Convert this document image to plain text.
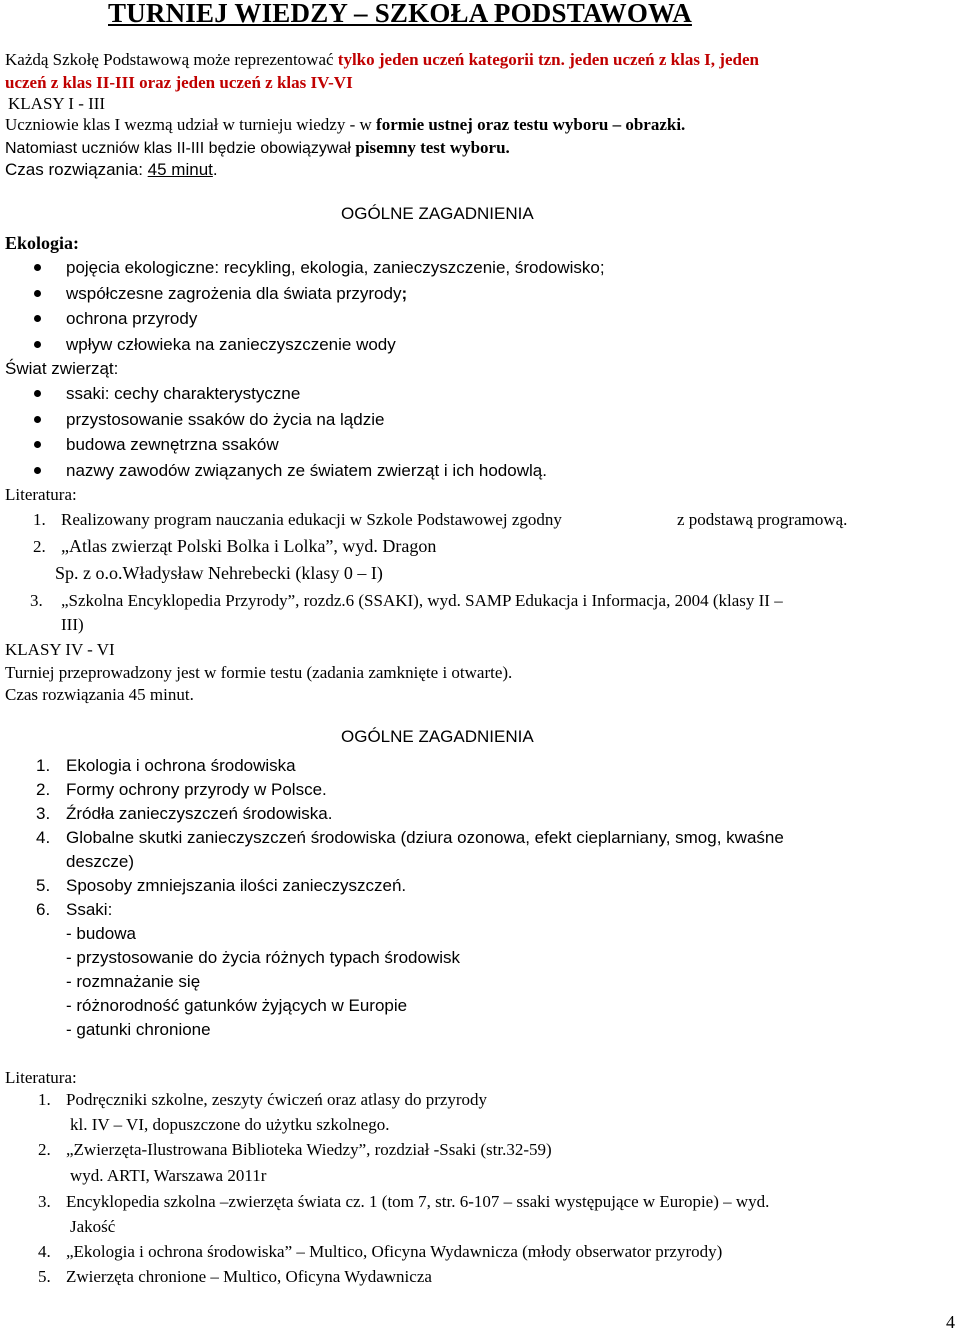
TURNIEJ WIEDZY – SZKOŁA PODSTAWOWA
Każdą Szkołę Podstawową może reprezentować tylko jeden uczeń kategorii tzn. jeden uczeń z klas I, jeden
uczeń z klas II-III oraz jeden uczeń z klas IV-VI
KLASY I - III
Uczniowie klas I wezmą udział w turnieju wiedzy - w formie ustnej oraz testu wyboru – obrazki.
Natomiast uczniów klas II-III będzie obowiązywał pisemny test wyboru.
Czas rozwiązania: 45 minut.
OGÓLNE ZAGADNIENIA
Ekologia:
pojęcia ekologiczne: recykling, ekologia, zanieczyszczenie, środowisko;
współczesne zagrożenia dla świata przyrody;
ochrona przyrody
wpływ człowieka na zanieczyszczenie wody
Świat zwierząt:
ssaki: cechy charakterystyczne
przystosowanie ssaków do życia na lądzie
budowa zewnętrzna ssaków
nazwy zawodów związanych ze światem zwierząt i ich hodowlą.
Literatura:
1. Realizowany program nauczania edukacji w Szkole Podstawowej zgodny	z podstawą programową.
2. „Atlas zwierząt Polski Bolka i Lolka”, wyd. Dragon
Sp. z o.o.Władysław Nehrebecki (klasy 0 – I)
3. „Szkolna Encyklopedia Przyrody”, rozdz.6 (SSAKI), wyd. SAMP Edukacja i Informacja, 2004 (klasy II –
III)
KLASY IV - VI
Turniej przeprowadzony jest w formie testu (zadania zamknięte i otwarte).
Czas rozwiązania 45 minut.
OGÓLNE ZAGADNIENIA
1. Ekologia i ochrona środowiska
2. Formy ochrony przyrody w Polsce.
3. Źródła zanieczyszczeń środowiska.
4. Globalne skutki zanieczyszczeń środowiska (dziura ozonowa, efekt cieplarniany, smog, kwaśne
deszcze)
5. Sposoby zmniejszania ilości zanieczyszczeń.
6. Ssaki:
- budowa
- przystosowanie do życia różnych typach środowisk
- rozmnażanie się
- różnorodność gatunków żyjących w Europie
- gatunki chronione
Literatura:
1. Podręczniki szkolne, zeszyty ćwiczeń oraz atlasy do przyrody
kl. IV – VI, dopuszczone do użytku szkolnego.
2. „Zwierzęta-Ilustrowana Biblioteka Wiedzy”, rozdział -Ssaki (str.32-59)
wyd. ARTI, Warszawa 2011r
3. Encyklopedia szkolna –zwierzęta świata cz. 1 (tom 7, str. 6-107 – ssaki występujące w Europie) – wyd.
Jakość
4. „Ekologia i ochrona środowiska” – Multico, Oficyna Wydawnicza (młody obserwator przyrody)
5. Zwierzęta chronione – Multico, Oficyna Wydawnicza
4
